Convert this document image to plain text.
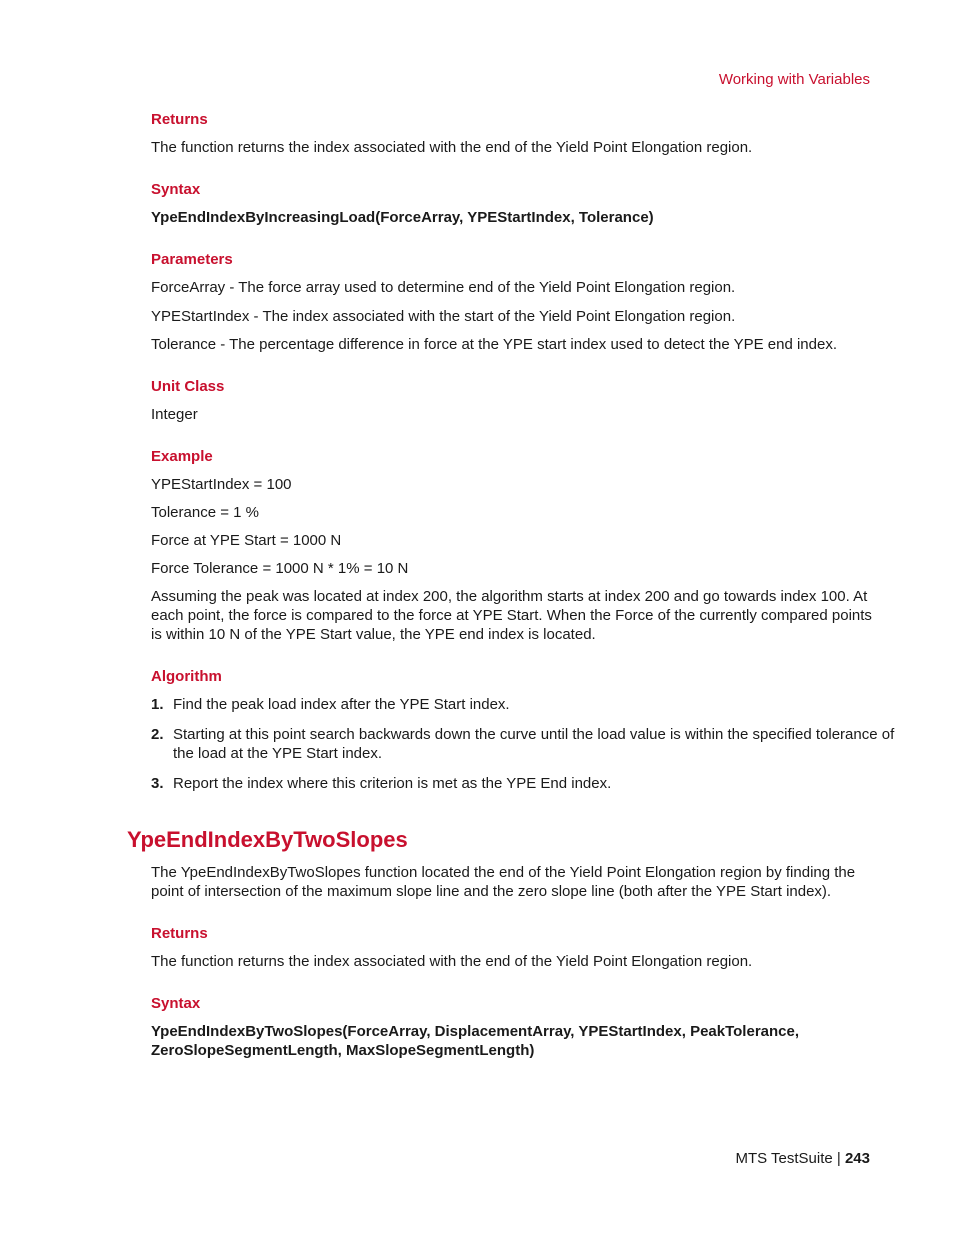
Working with Variables
Returns
The function returns the index associated with the end of the Yield Point Elongation region.
Syntax
YpeEndIndexByIncreasingLoad(ForceArray, YPEStartIndex, Tolerance)
Parameters
ForceArray - The force array used to determine end of the Yield Point Elongation region.
YPEStartIndex - The index associated with the start of the Yield Point Elongation region.
Tolerance - The percentage difference in force at the YPE start index used to detect the YPE end index.
Unit Class
Integer
Example
YPEStartIndex = 100
Tolerance = 1 %
Force at YPE Start = 1000 N
Force Tolerance = 1000 N * 1% = 10 N
Assuming the peak was located at index 200, the algorithm starts at index 200 and go towards index 100. At each point, the force is compared to the force at YPE Start. When the Force of the currently compared points is within 10 N of the YPE Start value, the YPE end index is located.
Algorithm
1. Find the peak load index after the YPE Start index.
2. Starting at this point search backwards down the curve until the load value is within the specified tolerance of the load at the YPE Start index.
3. Report the index where this criterion is met as the YPE End index.
YpeEndIndexByTwoSlopes
The YpeEndIndexByTwoSlopes function located the end of the Yield Point Elongation region by finding the point of intersection of the maximum slope line and the zero slope line (both after the YPE Start index).
Returns
The function returns the index associated with the end of the Yield Point Elongation region.
Syntax
YpeEndIndexByTwoSlopes(ForceArray, DisplacementArray, YPEStartIndex, PeakTolerance, ZeroSlopeSegmentLength, MaxSlopeSegmentLength)
MTS TestSuite | 243
